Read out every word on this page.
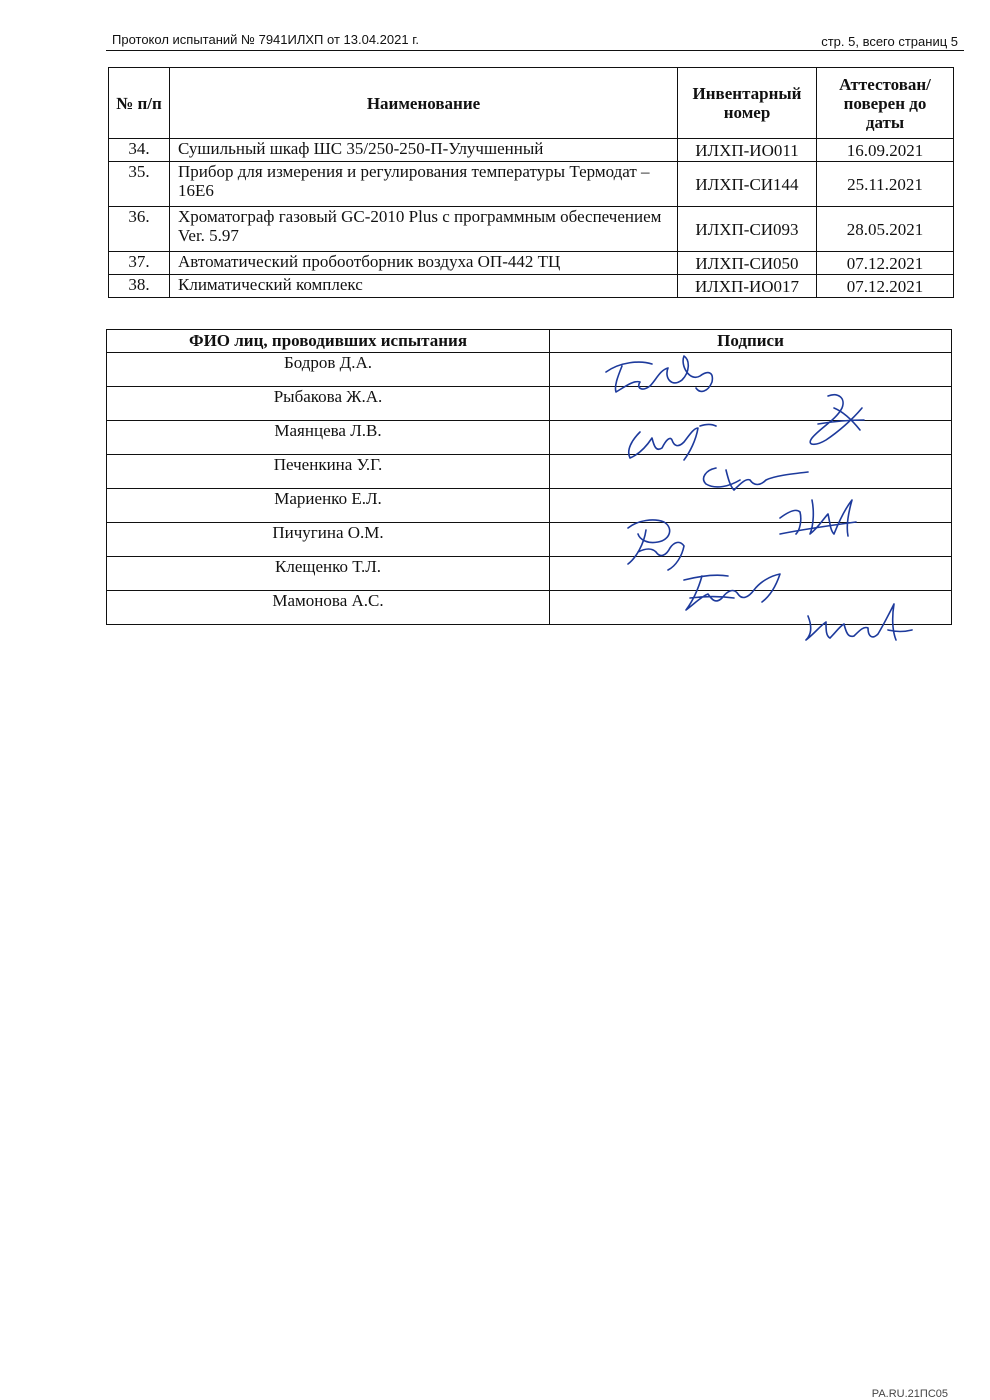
Протокол испытаний № 7941ИЛХП от 13.04.2021 г.	стр. 5, всего страниц 5
№ п/п	Наименование	Инвентарный номер	Аттестован/ поверен до даты
34.	Сушильный шкаф ШС 35/250-250-П-Улучшенный	ИЛХП-ИО011	16.09.2021
35.	Прибор для измерения и регулирования температуры Термодат – 16Е6	ИЛХП-СИ144	25.11.2021
36.	Хроматограф газовый GC-2010 Plus с программным обеспечением Ver. 5.97	ИЛХП-СИ093	28.05.2021
37.	Автоматический пробоотборник воздуха ОП-442 ТЦ	ИЛХП-СИ050	07.12.2021
38.	Климатический комплекс	ИЛХП-ИО017	07.12.2021
ФИО лиц, проводивших испытания	Подписи
Бодров Д.А.	
Рыбакова Ж.А.	
Маянцева Л.В.	
Печенкина У.Г.	
Мариенко Е.Л.	
Пичугина О.М.	
Клещенко Т.Л.	
Мамонова А.С.	
РА.RU.21ПС05
